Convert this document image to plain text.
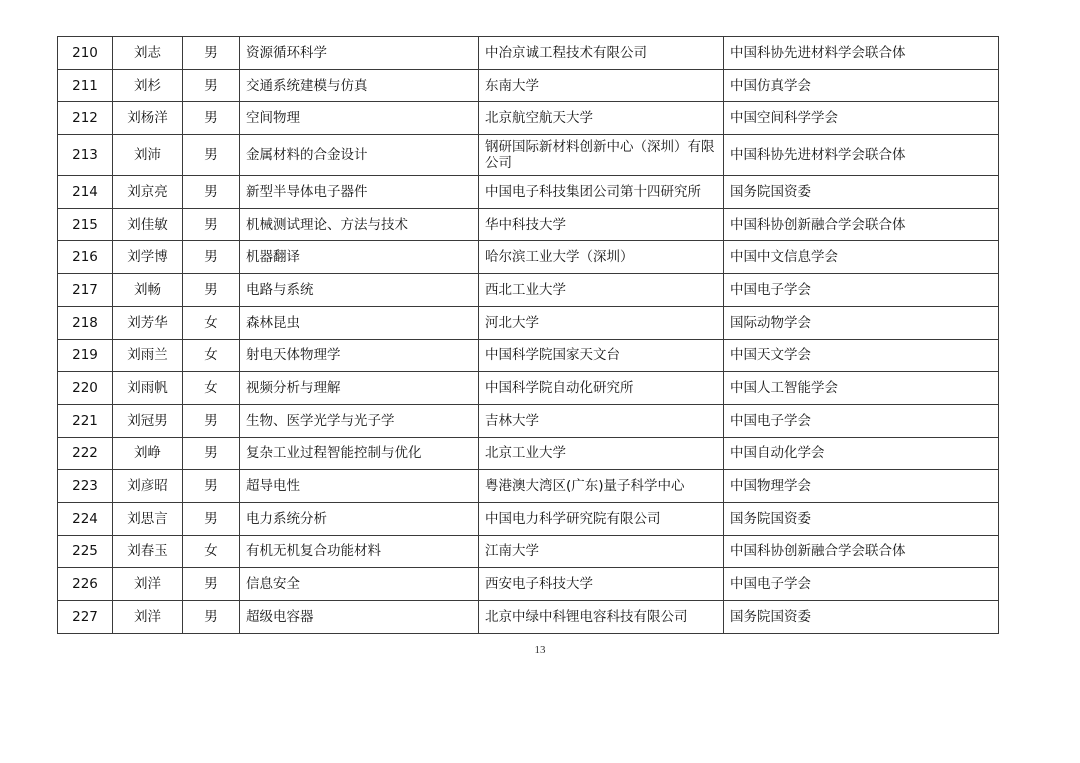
210	刘志	男	资源循环科学	中冶京诚工程技术有限公司	中国科协先进材料学会联合体
211	刘杉	男	交通系统建模与仿真	东南大学	中国仿真学会
212	刘杨洋	男	空间物理	北京航空航天大学	中国空间科学学会
213	刘沛	男	金属材料的合金设计	钢研国际新材料创新中心（深圳）有限公司	中国科协先进材料学会联合体
214	刘京亮	男	新型半导体电子器件	中国电子科技集团公司第十四研究所	国务院国资委
215	刘佳敏	男	机械测试理论、方法与技术	华中科技大学	中国科协创新融合学会联合体
216	刘学博	男	机器翻译	哈尔滨工业大学（深圳）	中国中文信息学会
217	刘畅	男	电路与系统	西北工业大学	中国电子学会
218	刘芳华	女	森林昆虫	河北大学	国际动物学会
219	刘雨兰	女	射电天体物理学	中国科学院国家天文台	中国天文学会
220	刘雨帆	女	视频分析与理解	中国科学院自动化研究所	中国人工智能学会
221	刘冠男	男	生物、医学光学与光子学	吉林大学	中国电子学会
222	刘峥	男	复杂工业过程智能控制与优化	北京工业大学	中国自动化学会
223	刘彦昭	男	超导电性	粤港澳大湾区(广东)量子科学中心	中国物理学会
224	刘思言	男	电力系统分析	中国电力科学研究院有限公司	国务院国资委
225	刘春玉	女	有机无机复合功能材料	江南大学	中国科协创新融合学会联合体
226	刘洋	男	信息安全	西安电子科技大学	中国电子学会
227	刘洋	男	超级电容器	北京中绿中科锂电容科技有限公司	国务院国资委
13
